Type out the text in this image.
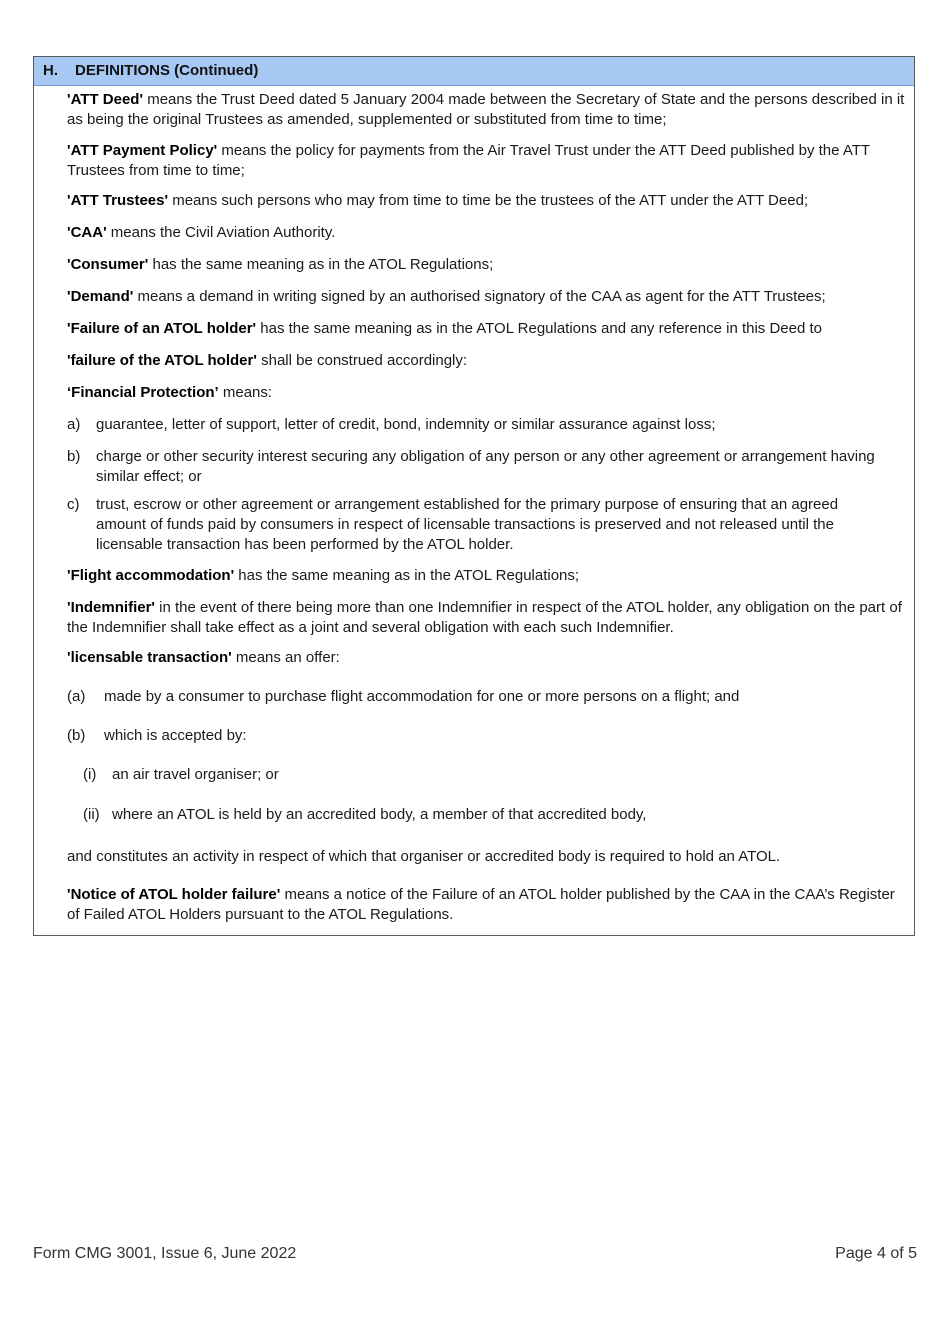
H. DEFINITIONS (Continued)

'ATT Deed' means the Trust Deed dated 5 January 2004 made between the Secretary of State and the persons described in it as being the original Trustees as amended, supplemented or substituted from time to time;

'ATT Payment Policy' means the policy for payments from the Air Travel Trust under the ATT Deed published by the ATT Trustees from time to time;

'ATT Trustees' means such persons who may from time to time be the trustees of the ATT under the ATT Deed;

'CAA' means the Civil Aviation Authority.

'Consumer' has the same meaning as in the ATOL Regulations;

'Demand' means a demand in writing signed by an authorised signatory of the CAA as agent for the ATT Trustees;

'Failure of an ATOL holder' has the same meaning as in the ATOL Regulations and any reference in this Deed to

'failure of the ATOL holder' shall be construed accordingly:

‘Financial Protection’ means:

a) guarantee, letter of support, letter of credit, bond, indemnity or similar assurance against loss;
b) charge or other security interest securing any obligation of any person or any other agreement or arrangement having similar effect; or
c) trust, escrow or other agreement or arrangement established for the primary purpose of ensuring that an agreed amount of funds paid by consumers in respect of licensable transactions is preserved and not released until the licensable transaction has been performed by the ATOL holder.

'Flight accommodation' has the same meaning as in the ATOL Regulations;

'Indemnifier' in the event of there being more than one Indemnifier in respect of the ATOL holder, any obligation on the part of the Indemnifier shall take effect as a joint and several obligation with each such Indemnifier.

'licensable transaction' means an offer:

(a) made by a consumer to purchase flight accommodation for one or more persons on a flight; and
(b) which is accepted by:
(i) an air travel organiser; or
(ii) where an ATOL is held by an accredited body, a member of that accredited body,

and constitutes an activity in respect of which that organiser or accredited body is required to hold an ATOL.

'Notice of ATOL holder failure' means a notice of the Failure of an ATOL holder published by the CAA in the CAA’s Register of Failed ATOL Holders pursuant to the ATOL Regulations.

Form CMG 3001, Issue 6, June 2022	Page 4 of 5
